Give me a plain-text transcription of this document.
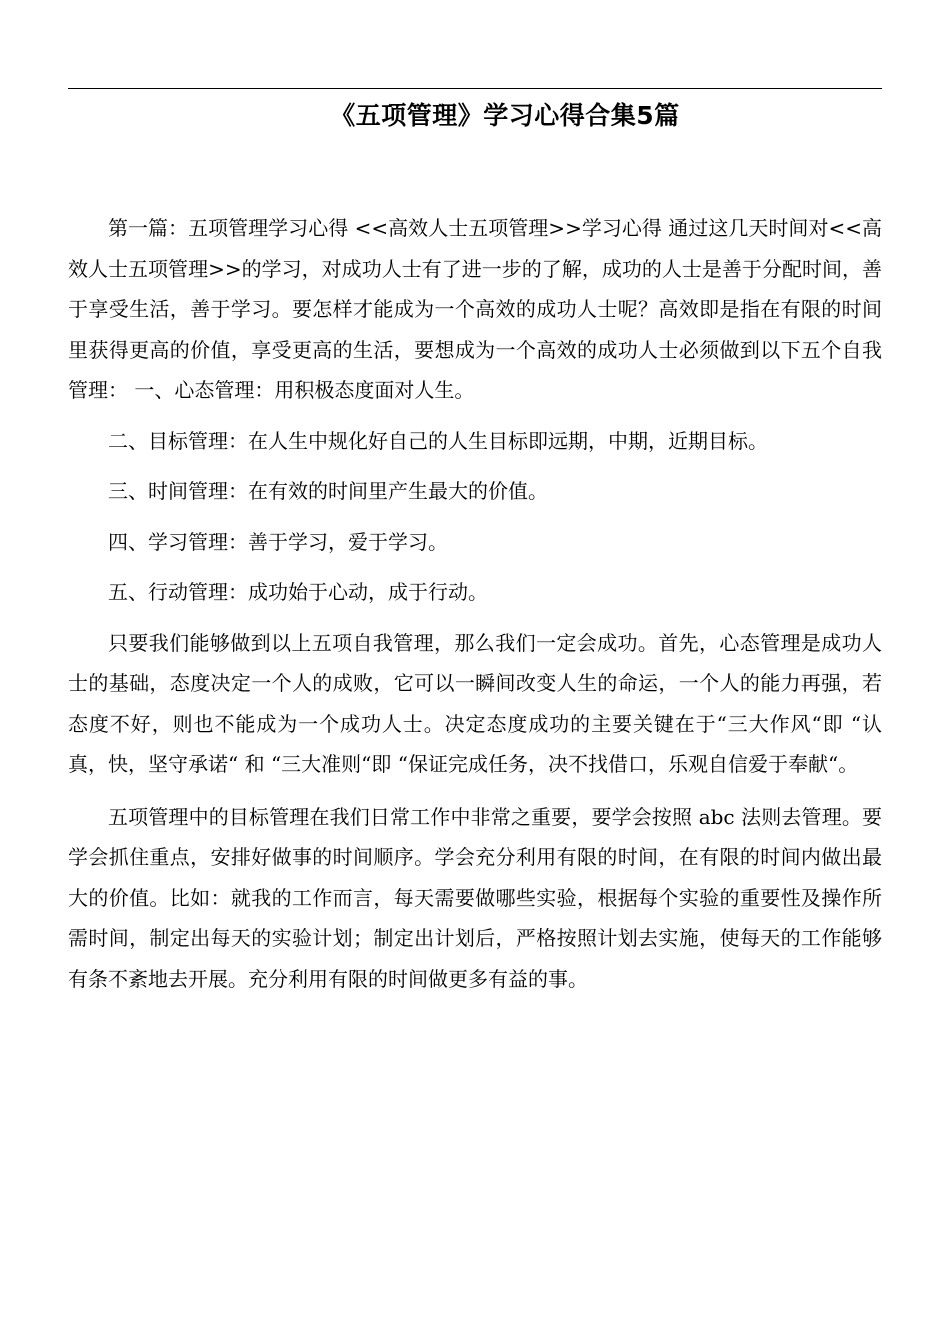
《五项管理》学习心得合集5篇

第一篇：五项管理学习心得 <<高效人士五项管理>>学习心得 通过这几天时间对<<高效人士五项管理>>的学习，对成功人士有了进一步的了解，成功的人士是善于分配时间，善于享受生活，善于学习。要怎样才能成为一个高效的成功人士呢？高效即是指在有限的时间里获得更高的价值，享受更高的生活，要想成为一个高效的成功人士必须做到以下五个自我管理： 一、心态管理：用积极态度面对人生。

二、目标管理：在人生中规化好自己的人生目标即远期，中期，近期目标。

三、时间管理：在有效的时间里产生最大的价值。

四、学习管理：善于学习，爱于学习。

五、行动管理：成功始于心动，成于行动。

只要我们能够做到以上五项自我管理，那么我们一定会成功。首先，心态管理是成功人士的基础，态度决定一个人的成败，它可以一瞬间改变人生的命运，一个人的能力再强，若态度不好，则也不能成为一个成功人士。决定态度成功的主要关键在于“三大作风“即 “认真，快，坚守承诺“ 和 “三大准则“即 “保证完成任务，决不找借口，乐观自信爱于奉献“。

五项管理中的目标管理在我们日常工作中非常之重要，要学会按照 abc 法则去管理。要学会抓住重点，安排好做事的时间顺序。学会充分利用有限的时间，在有限的时间内做出最大的价值。比如：就我的工作而言，每天需要做哪些实验，根据每个实验的重要性及操作所需时间，制定出每天的实验计划；制定出计划后，严格按照计划去实施，使每天的工作能够有条不紊地去开展。充分利用有限的时间做更多有益的事。
